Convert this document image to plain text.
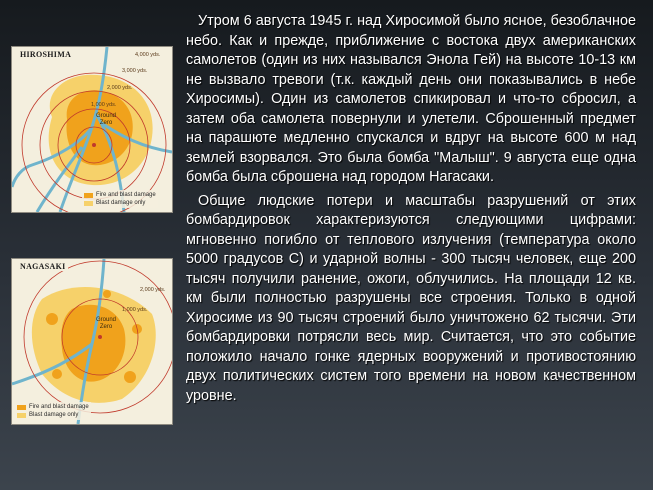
HIROSHIMA	4,000 yds.
3,000 yds.
2,000 yds.
1,000 yds.
Ground
Zero
Fire and blast damage
Blast damage only
NAGASAKI
2,000 yds.
1,000 yds.
Ground
Zero
Fire and blast damage
Blast damage only

Утром 6 августа 1945 г. над Хиросимой было ясное, безоблачное небо. Как и прежде, приближение с востока двух американских самолетов (один из них назывался Энола Гей) на высоте 10-13 км не вызвало тревоги (т.к. каждый день они показывались в небе Хиросимы). Один из самолетов спикировал и что-то сбросил, а затем оба самолета повернули и улетели. Сброшенный предмет на парашюте медленно спускался и вдруг на высоте 600 м над землей взорвался. Это была бомба "Малыш". 9 августа еще одна бомба была сброшена над городом Нагасаки.

Общие людские потери и масштабы разрушений от этих бомбардировок характеризуются следующими цифрами: мгновенно погибло от теплового излучения (температура около 5000 градусов С) и ударной волны - 300 тысяч человек, еще 200 тысяч получили ранение, ожоги, облучились. На площади 12 кв. км были полностью разрушены все строения. Только в одной Хиросиме из 90 тысяч строений было уничтожено 62 тысячи. Эти бомбардировки потрясли весь мир. Считается, что это событие положило начало гонке ядерных вооружений и противостоянию двух политических систем того времени на новом качественном уровне.
